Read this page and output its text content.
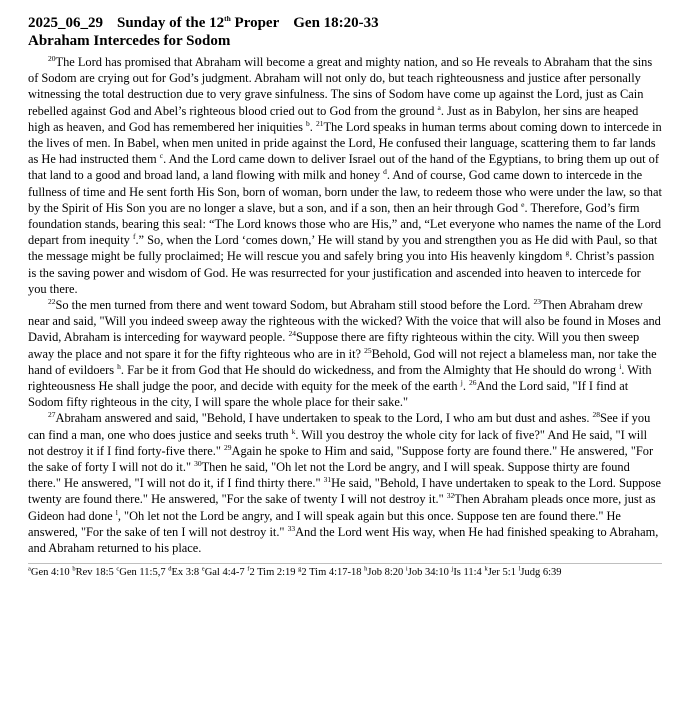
2025_06_29 Sunday of the 12th Proper Gen 18:20-33
Abraham Intercedes for Sodom

$^{20}$The Lord has promised that Abraham will become a great and mighty nation, and so He reveals to Abraham that the sins of Sodom are crying out for God’s judgment. Abraham will not only do, but teach righteousness and justice after personally witnessing the total destruction due to very grave sinfulness. The sins of Sodom have come up against the Lord, just as Cain rebelled against God and Abel’s righteous blood cried out to God from the ground $^a$. Just as in Babylon, her sins are heaped high as heaven, and God has remembered her iniquities $^b$. $^{21}$The Lord speaks in human terms about coming down to intercede in the lives of men. In Babel, when men united in pride against the Lord, He confused their language, scattering them to far lands as He had instructed them $^c$. And the Lord came down to deliver Israel out of the hand of the Egyptians, to bring them up out of that land to a good and broad land, a land flowing with milk and honey $^d$. And of course, God came down to intercede in the fullness of time and He sent forth His Son, born of woman, born under the law, to redeem those who were under the law, so that by the Spirit of His Son you are no longer a slave, but a son, and if a son, then an heir through God $^e$. Therefore, God’s firm foundation stands, bearing this seal: “The Lord knows those who are His,” and, “Let everyone who names the name of the Lord depart from inequity $^f$.” So, when the Lord ‘comes down,’ He will stand by you and strengthen you as He did with Paul, so that the message might be fully proclaimed; He will rescue you and safely bring you into His heavenly kingdom $^g$. Christ’s passion is the saving power and wisdom of God. He was resurrected for your justification and ascended into heaven to intercede for you there.

$^{22}$So the men turned from there and went toward Sodom, but Abraham still stood before the Lord. $^{23}$Then Abraham drew near and said, "Will you indeed sweep away the righteous with the wicked? With the voice that will also be found in Moses and David, Abraham is interceding for wayward people. $^{24}$Suppose there are fifty righteous within the city. Will you then sweep away the place and not spare it for the fifty righteous who are in it? $^{25}$Behold, God will not reject a blameless man, nor take the hand of evildoers $^h$. Far be it from God that He should do wickedness, and from the Almighty that He should do wrong $^i$. With righteousness He shall judge the poor, and decide with equity for the meek of the earth $^j$. $^{26}$And the Lord said, "If I find at Sodom fifty righteous in the city, I will spare the whole place for their sake."

$^{27}$Abraham answered and said, "Behold, I have undertaken to speak to the Lord, I who am but dust and ashes. $^{28}$See if you can find a man, one who does justice and seeks truth $^k$. Will you destroy the whole city for lack of five?" And He said, "I will not destroy it if I find forty-five there." $^{29}$Again he spoke to Him and said, "Suppose forty are found there." He answered, "For the sake of forty I will not do it." $^{30}$Then he said, "Oh let not the Lord be angry, and I will speak. Suppose thirty are found there." He answered, "I will not do it, if I find thirty there." $^{31}$He said, "Behold, I have undertaken to speak to the Lord. Suppose twenty are found there." He answered, "For the sake of twenty I will not destroy it." $^{32}$Then Abraham pleads once more, just as Gideon had done $^l$, "Oh let not the Lord be angry, and I will speak again but this once. Suppose ten are found there." He answered, "For the sake of ten I will not destroy it." $^{33}$And the Lord went His way, when He had finished speaking to Abraham, and Abraham returned to his place.

$^a$Gen 4:10 $^b$Rev 18:5 $^c$Gen 11:5,7 $^d$Ex 3:8 $^e$Gal 4:4-7 $^f$2 Tim 2:19 $^g$2 Tim 4:17-18 $^h$Job 8:20 $^i$Job 34:10 $^j$Is 11:4 $^k$Jer 5:1 $^l$Judg 6:39
